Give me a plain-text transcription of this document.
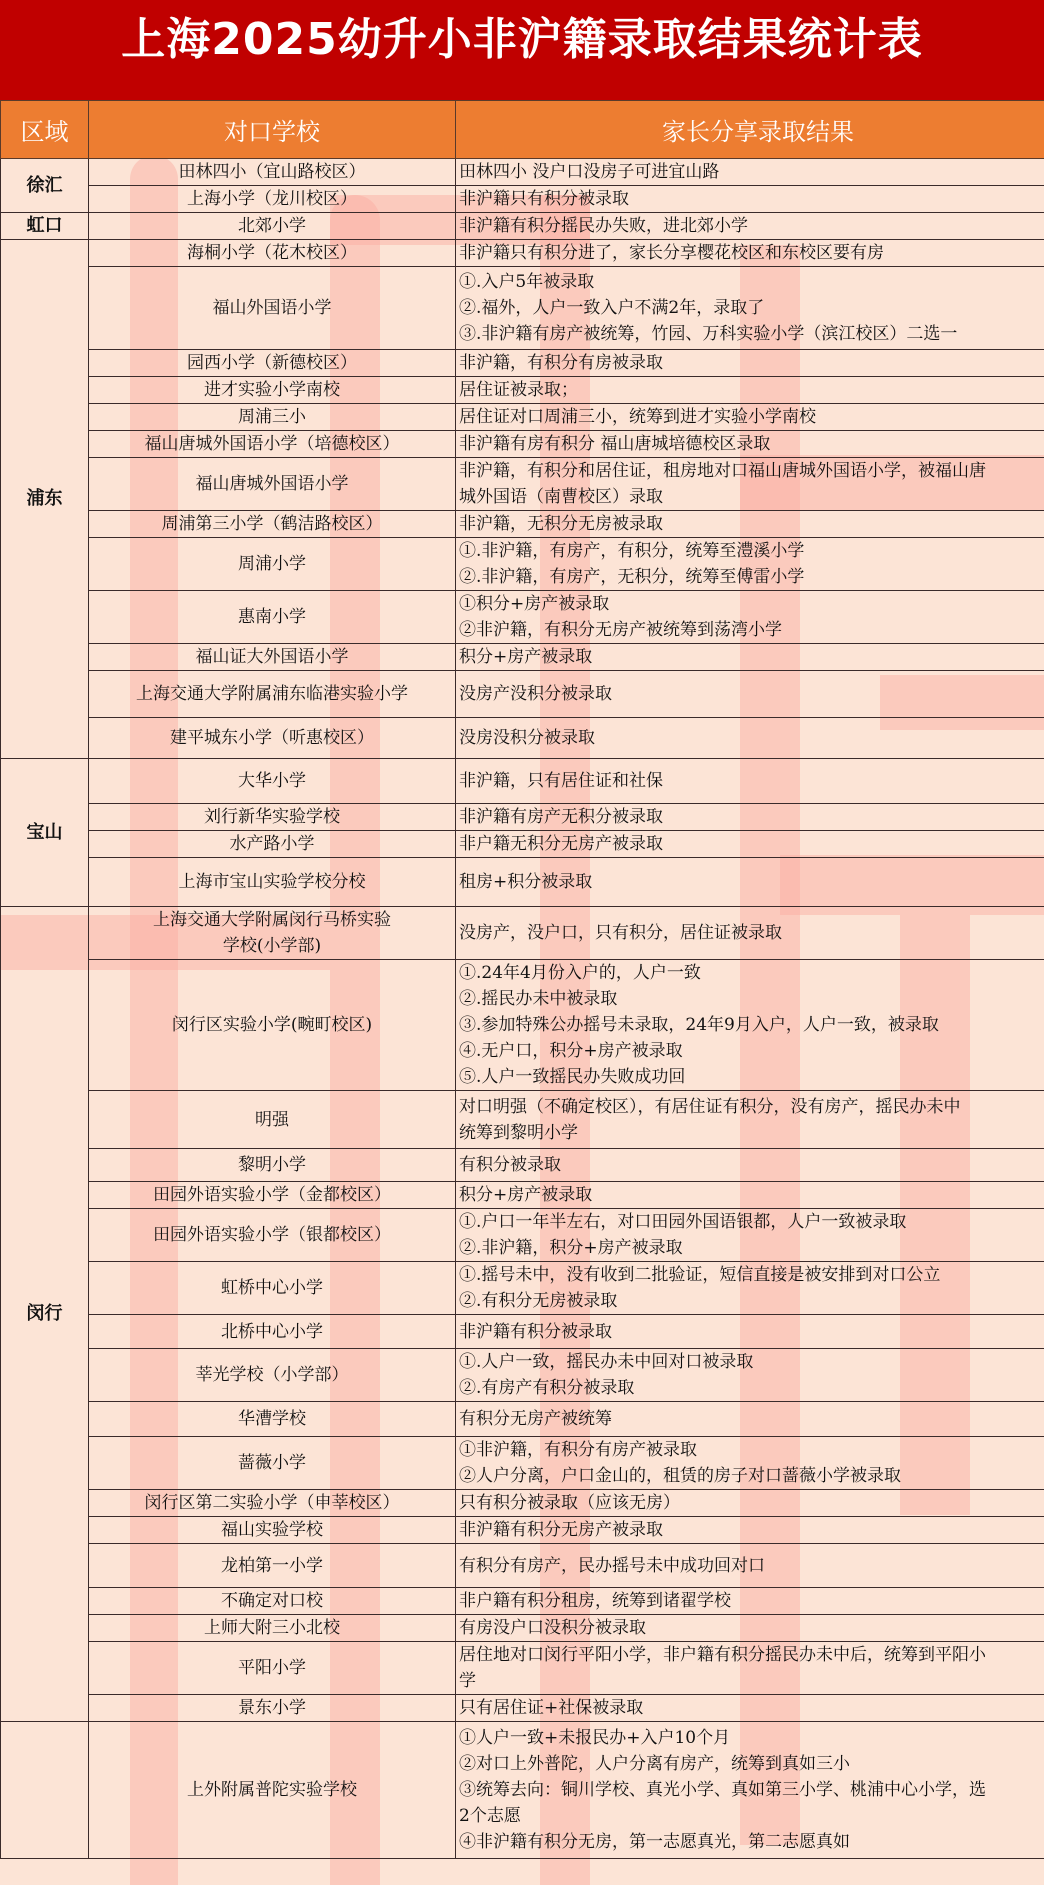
上海2025幼升小非沪籍录取结果统计表
区域	对口学校	家长分享录取结果
徐汇	田林四小（宜山路校区）	田林四小 没户口没房子可进宜山路

	上海小学（龙川校区）	非沪籍只有积分被录取

虹口	北郊小学	非沪籍有积分摇民办失败，进北郊小学

浦东	海桐小学（花木校区）	非沪籍只有积分进了，家长分享樱花校区和东校区要有房

	福山外国语小学	①.入户5年被录取
②.福外，人户一致入户不满2年，录取了
③.非沪籍有房产被统筹，竹园、万科实验小学（滨江校区）二选一

	园西小学（新德校区）	非沪籍，有积分有房被录取

	进才实验小学南校	居住证被录取；

	周浦三小	居住证对口周浦三小，统筹到进才实验小学南校

	福山唐城外国语小学（培德校区）	非沪籍有房有积分 福山唐城培德校区录取

	福山唐城外国语小学	非沪籍，有积分和居住证，租房地对口福山唐城外国语小学，被福山唐
城外国语（南曹校区）录取

	周浦第三小学（鹤洁路校区）	非沪籍，无积分无房被录取

	周浦小学	①.非沪籍，有房产，有积分，统筹至澧溪小学
②.非沪籍，有房产，无积分，统筹至傅雷小学

	惠南小学	①积分+房产被录取
②非沪籍，有积分无房产被统筹到荡湾小学

	福山证大外国语小学	积分+房产被录取

	上海交通大学附属浦东临港实验小学	没房产没积分被录取

	建平城东小学（听惠校区）	没房没积分被录取

宝山	大华小学	非沪籍，只有居住证和社保

	刘行新华实验学校	非沪籍有房产无积分被录取

	水产路小学	非户籍无积分无房产被录取

	上海市宝山实验学校分校	租房+积分被录取

闵行	上海交通大学附属闵行马桥实验
学校(小学部)	没房产，没户口，只有积分，居住证被录取

	闵行区实验小学(畹町校区)	①.24年4月份入户的，人户一致
②.摇民办未中被录取
③.参加特殊公办摇号未录取，24年9月入户，人户一致，被录取
④.无户口，积分+房产被录取
⑤.人户一致摇民办失败成功回

	明强	对口明强（不确定校区），有居住证有积分，没有房产，摇民办未中
统筹到黎明小学

	黎明小学	有积分被录取

	田园外语实验小学（金都校区）	积分+房产被录取

	田园外语实验小学（银都校区）	①.户口一年半左右，对口田园外国语银都，人户一致被录取
②.非沪籍，积分+房产被录取

	虹桥中心小学	①.摇号未中，没有收到二批验证，短信直接是被安排到对口公立
②.有积分无房被录取

	北桥中心小学	非沪籍有积分被录取

	莘光学校（小学部）	①.人户一致，摇民办未中回对口被录取
②.有房产有积分被录取

	华漕学校	有积分无房产被统筹

	蔷薇小学	①非沪籍，有积分有房产被录取
②人户分离，户口金山的，租赁的房子对口蔷薇小学被录取

	闵行区第二实验小学（申莘校区）	只有积分被录取（应该无房）

	福山实验学校	非沪籍有积分无房产被录取

	龙柏第一小学	有积分有房产，民办摇号未中成功回对口

	不确定对口校	非户籍有积分租房，统筹到诸翟学校

	上师大附三小北校	有房没户口没积分被录取

	平阳小学	居住地对口闵行平阳小学，非户籍有积分摇民办未中后，统筹到平阳小
学

	景东小学	只有居住证+社保被录取

	上外附属普陀实验学校	①人户一致+未报民办+入户10个月
②对口上外普陀，人户分离有房产，统筹到真如三小
③统筹去向：铜川学校、真光小学、真如第三小学、桃浦中心小学，选
2个志愿
④非沪籍有积分无房，第一志愿真光，第二志愿真如
